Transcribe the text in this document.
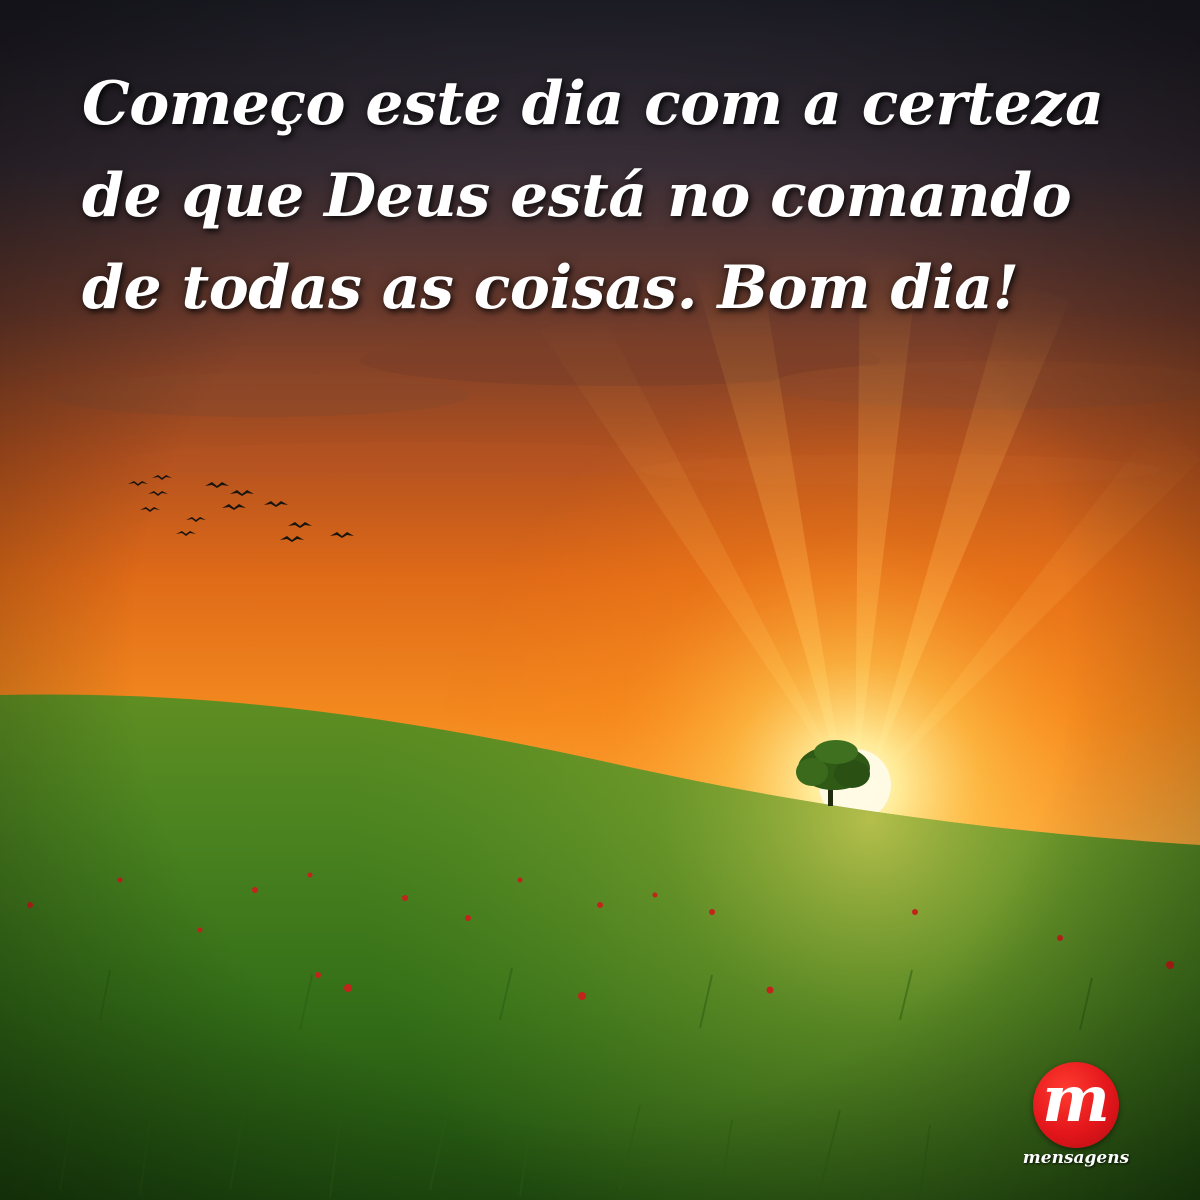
Começo este dia com a certeza
de que Deus está no comando
de todas as coisas. Bom dia!

m
mensagens
